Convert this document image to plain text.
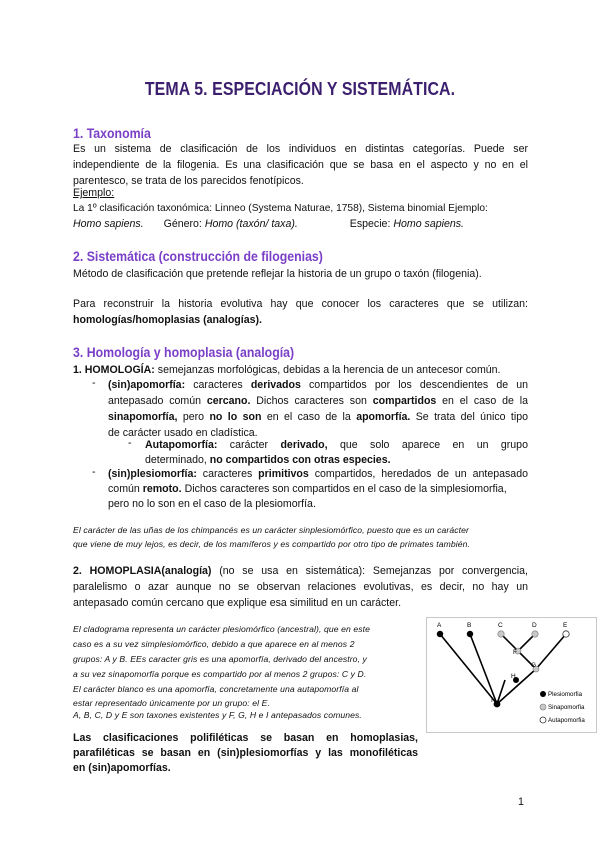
TEMA 5. ESPECIACIÓN Y SISTEMÁTICA.
1. Taxonomía
Es un sistema de clasificación de los individuos en distintas categorías. Puede ser
independiente de la filogenia. Es una clasificación que se basa en el aspecto y no en el
parentesco, se trata de los parecidos fenotípicos.
Ejemplo:
La 1º clasificación taxonómica: Linneo (Systema Naturae, 1758), Sistema binomial Ejemplo:
Homo sapiens. Género: Homo (taxón/ taxa).	Especie: Homo sapiens.
2. Sistemática (construcción de filogenias)
Método de clasificación que pretende reflejar la historia de un grupo o taxón (filogenia).
Para reconstruir la historia evolutiva hay que conocer los caracteres que se utilizan:
homologías/homoplasias (analogías).
3. Homología y homoplasia (analogía)
1. HOMOLOGÍA: semejanzas morfológicas, debidas a la herencia de un antecesor común.
- (sin)apomorfía: caracteres derivados compartidos por los descendientes de un
antepasado común cercano. Dichos caracteres son compartidos en el caso de la
sinapomorfía, pero no lo son en el caso de la apomorfía. Se trata del único tipo
de carácter usado en cladística.
- Autapomorfía: carácter derivado, que solo aparece en un grupo
determinado, no compartidos con otras especies.
- (sin)plesiomorfía: caracteres primitivos compartidos, heredados de un antepasado
común remoto. Dichos caracteres son compartidos en el caso de la simplesiomorfia,
pero no lo son en el caso de la plesiomorfía.
El carácter de las uñas de los chimpancés es un carácter sinplesiomórfico, puesto que es un carácter
que viene de muy lejos, es decir, de los mamíferos y es compartido por otro tipo de primates también.
2. HOMOPLASIA(analogía) (no se usa en sistemática): Semejanzas por convergencia,
paralelismo o azar aunque no se observan relaciones evolutivas, es decir, no hay un
antepasado común cercano que explique esa similitud en un carácter.
El cladograma representa un carácter plesiomórfico (ancestral), que en este
caso es a su vez simplesiomórfico, debido a que aparece en al menos 2
grupos: A y B. EEs caracter gris es una apomorfía, derivado del ancestro, y
a su vez sinapomorfía porque es compartido por al menos 2 grupos: C y D.
El carácter blanco es una apomorfía, concretamente una autapomorfía al
estar representado únicamente por un grupo: el E.
A, B, C, D y E son taxones existentes y F, G, H e I antepasados comunes.
A	B	C	D	E
F
G
H
I
Plesiomorfia
Sinapomorfia
Autapomorfia
Las clasificaciones polifiléticas se basan en homoplasias,
parafiléticas se basan en (sin)plesiomorfías y las monofiléticas
en (sin)apomorfías.
1
